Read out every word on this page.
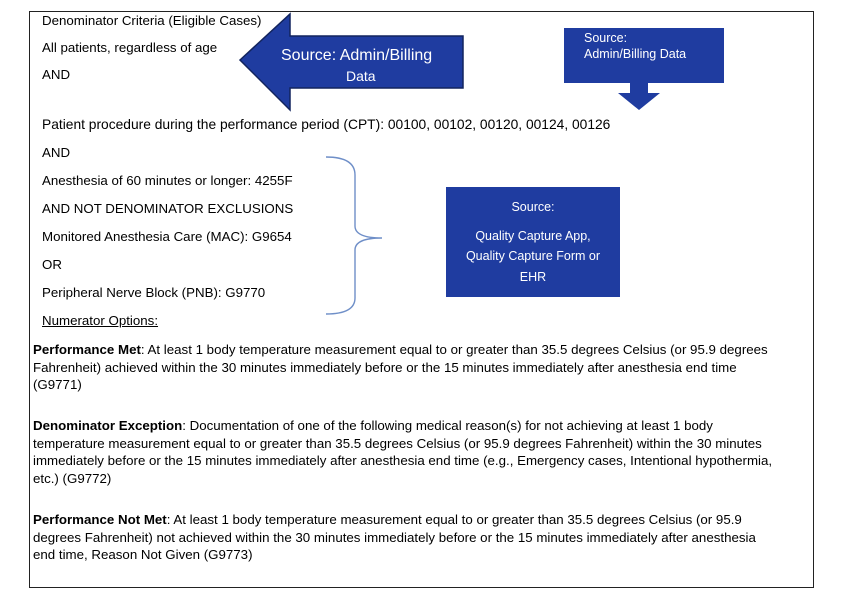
Source: Admin/Billing
Data
Source:
Admin/Billing Data
Source:
Quality Capture App,
Quality Capture Form or
EHR
Denominator Criteria (Eligible Cases)
All patients, regardless of age
AND
Patient procedure during the performance period (CPT): 00100, 00102, 00120, 00124, 00126
AND
Anesthesia of 60 minutes or longer: 4255F
AND NOT DENOMINATOR EXCLUSIONS
Monitored Anesthesia Care (MAC): G9654
OR
Peripheral Nerve Block (PNB): G9770
Numerator Options:
Performance Met: At least 1 body temperature measurement equal to or greater than 35.5 degrees Celsius (or 95.9 degrees Fahrenheit) achieved within the 30 minutes immediately before or the 15 minutes immediately after anesthesia end time (G9771)
Denominator Exception: Documentation of one of the following medical reason(s) for not achieving at least 1 body temperature measurement equal to or greater than 35.5 degrees Celsius (or 95.9 degrees Fahrenheit) within the 30 minutes immediately before or the 15 minutes immediately after anesthesia end time (e.g., Emergency cases, Intentional hypothermia, etc.) (G9772)
Performance Not Met: At least 1 body temperature measurement equal to or greater than 35.5 degrees Celsius (or 95.9 degrees Fahrenheit) not achieved within the 30 minutes immediately before or the 15 minutes immediately after anesthesia end time, Reason Not Given (G9773)
